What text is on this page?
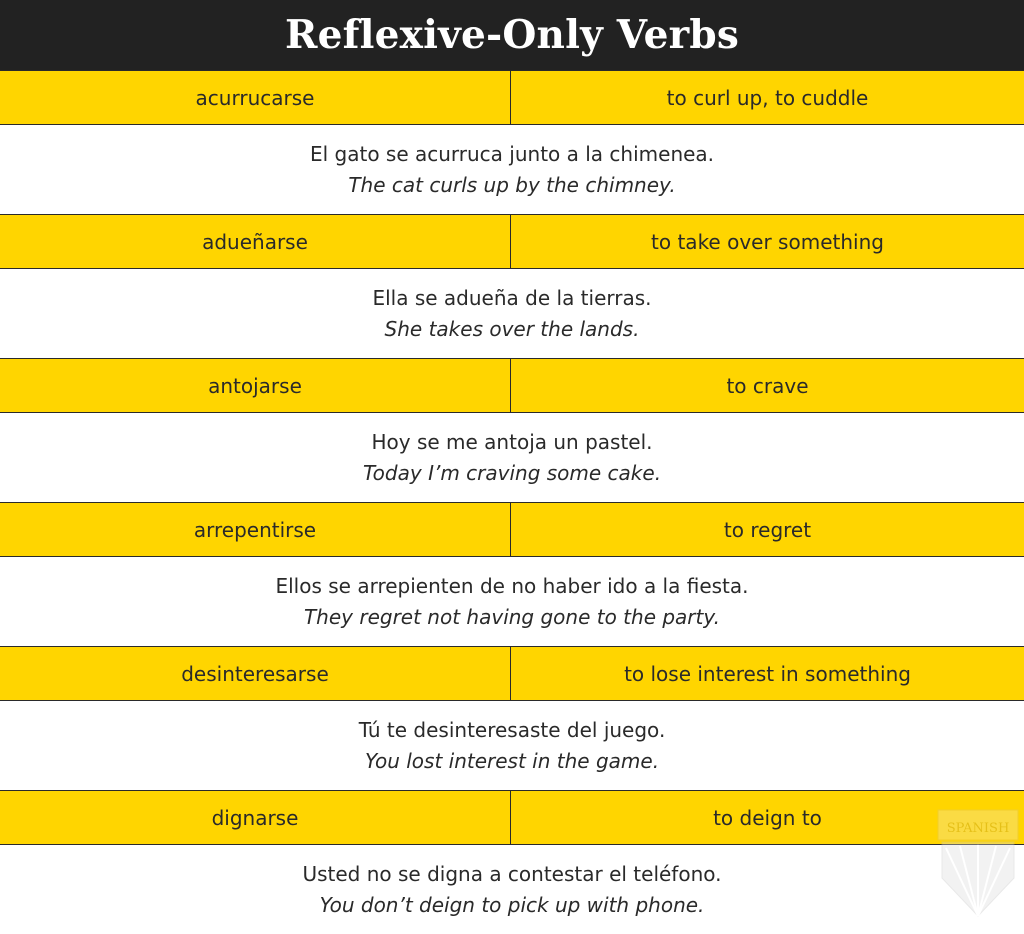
Reflexive-Only Verbs
acurrucarse	to curl up, to cuddle
El gato se acurruca junto a la chimenea.
The cat curls up by the chimney.
adueñarse	to take over something
Ella se adueña de la tierras.
She takes over the lands.
antojarse	to crave
Hoy se me antoja un pastel.
Today I’m craving some cake.
arrepentirse	to regret
Ellos se arrepienten de no haber ido a la fiesta.
They regret not having gone to the party.
desinteresarse	to lose interest in something
Tú te desinteresaste del juego.
You lost interest in the game.
dignarse	to deign to
Usted no se digna a contestar el teléfono.
You don’t deign to pick up with phone.
SPANISH
